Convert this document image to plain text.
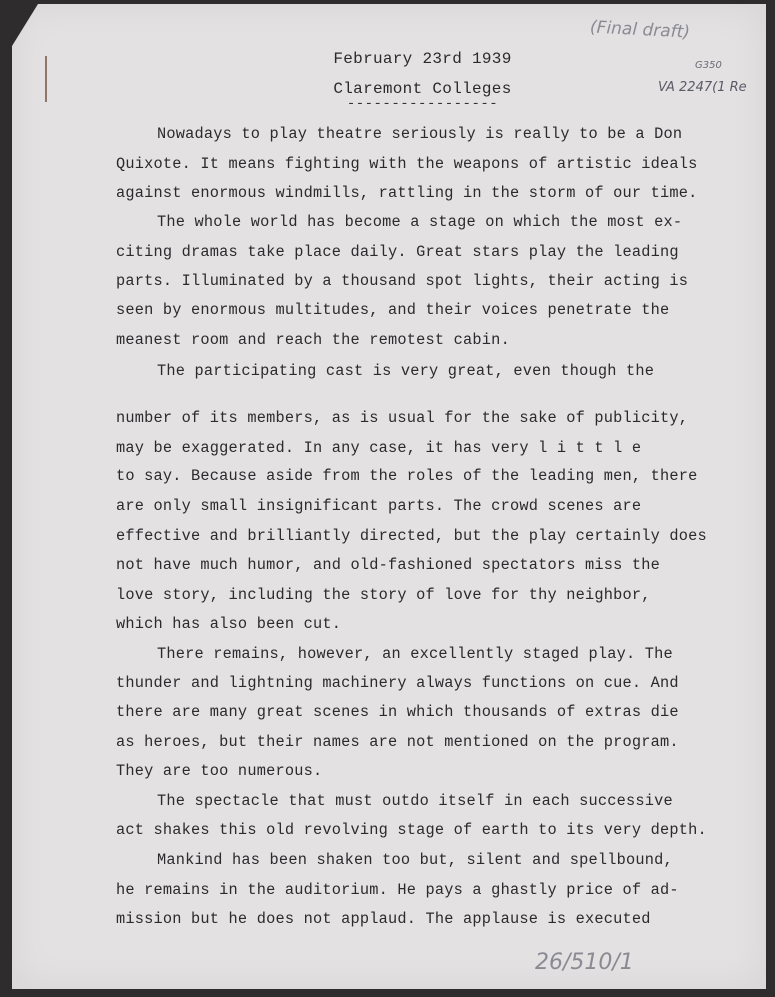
February 23rd 1939
Claremont Colleges
-----------------
(Final draft)
G350
VA 2247(1 Re
26/510/1
Nowadays to play theatre seriously is really to be a Don
Quixote. It means fighting with the weapons of artistic ideals
against enormous windmills, rattling in the storm of our time.
The whole world has become a stage on which the most ex-
citing dramas take place daily. Great stars play the leading
parts. Illuminated by a thousand spot lights, their acting is
seen by enormous multitudes, and their voices penetrate the
meanest room and reach the remotest cabin.
The participating cast is very great, even though the
number of its members, as is usual for the sake of publicity,
may be exaggerated. In any case, it has very l i t t l e
to say. Because aside from the roles of the leading men, there
are only small insignificant parts. The crowd scenes are
effective and brilliantly directed, but the play certainly does
not have much humor, and old-fashioned spectators miss the
love story, including the story of love for thy neighbor,
which has also been cut.
There remains, however, an excellently staged play. The
thunder and lightning machinery always functions on cue. And
there are many great scenes in which thousands of extras die
as heroes, but their names are not mentioned on the program.
They are too numerous.
The spectacle that must outdo itself in each successive
act shakes this old revolving stage of earth to its very depth.
Mankind has been shaken too but, silent and spellbound,
he remains in the auditorium. He pays a ghastly price of ad-
mission but he does not applaud. The applause is executed
